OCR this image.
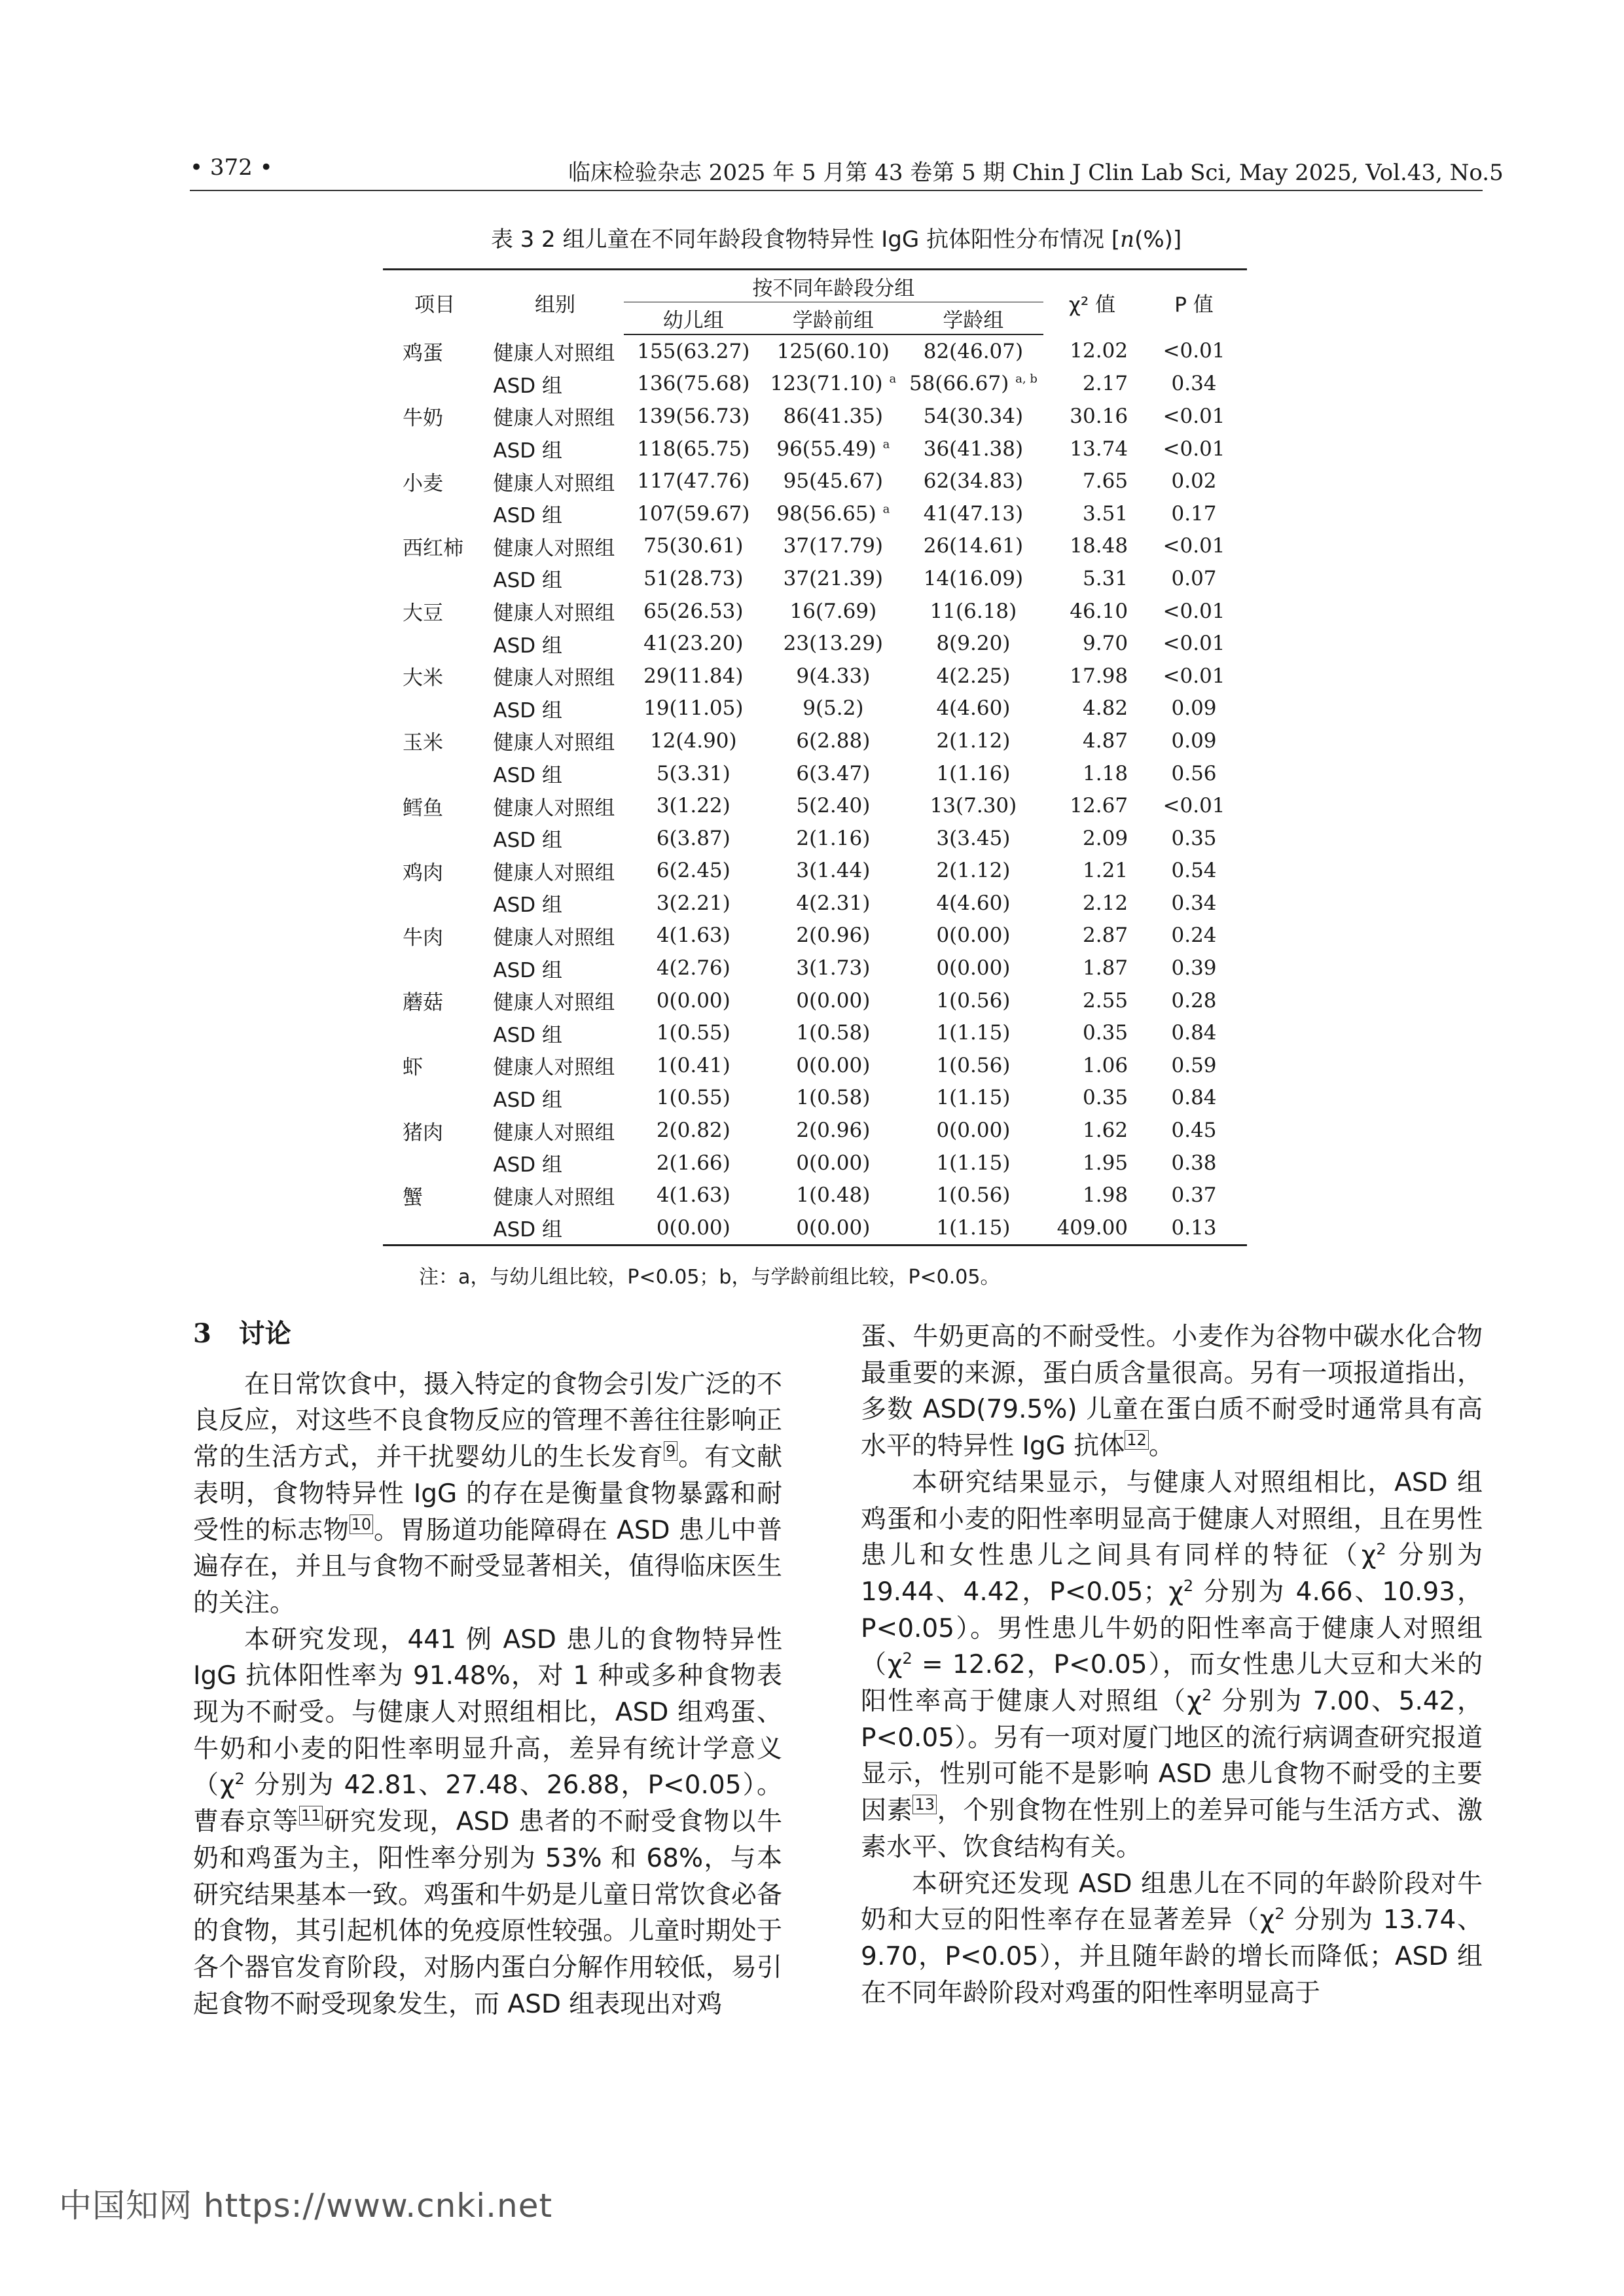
• 372 •	临床检验杂志 2025 年 5 月第 43 卷第 5 期 Chin J Clin Lab Sci, May 2025, Vol.43, No.5
表 3 2 组儿童在不同年龄段食物特异性 IgG 抗体阳性分布情况 [n(%)]
项目	组别	按不同年龄段分组			χ² 值	P 值
		幼儿组	学龄前组	学龄组		
鸡蛋	健康人对照组	155(63.27)	125(60.10)	82(46.07)	12.02	<0.01
	ASD 组	136(75.68)	123(71.10) $^a$	58(66.67) $^{a, b}$	2.17	0.34
牛奶	健康人对照组	139(56.73)	86(41.35)	54(30.34)	30.16	<0.01
	ASD 组	118(65.75)	96(55.49) $^a$	36(41.38)	13.74	<0.01
小麦	健康人对照组	117(47.76)	95(45.67)	62(34.83)	7.65	0.02
	ASD 组	107(59.67)	98(56.65) $^a$	41(47.13)	3.51	0.17
西红柿	健康人对照组	75(30.61)	37(17.79)	26(14.61)	18.48	<0.01
	ASD 组	51(28.73)	37(21.39)	14(16.09)	5.31	0.07
大豆	健康人对照组	65(26.53)	16(7.69)	11(6.18)	46.10	<0.01
	ASD 组	41(23.20)	23(13.29)	8(9.20)	9.70	<0.01
大米	健康人对照组	29(11.84)	9(4.33)	4(2.25)	17.98	<0.01
	ASD 组	19(11.05)	9(5.2)	4(4.60)	4.82	0.09
玉米	健康人对照组	12(4.90)	6(2.88)	2(1.12)	4.87	0.09
	ASD 组	5(3.31)	6(3.47)	1(1.16)	1.18	0.56
鳕鱼	健康人对照组	3(1.22)	5(2.40)	13(7.30)	12.67	<0.01
	ASD 组	6(3.87)	2(1.16)	3(3.45)	2.09	0.35
鸡肉	健康人对照组	6(2.45)	3(1.44)	2(1.12)	1.21	0.54
	ASD 组	3(2.21)	4(2.31)	4(4.60)	2.12	0.34
牛肉	健康人对照组	4(1.63)	2(0.96)	0(0.00)	2.87	0.24
	ASD 组	4(2.76)	3(1.73)	0(0.00)	1.87	0.39
蘑菇	健康人对照组	0(0.00)	0(0.00)	1(0.56)	2.55	0.28
	ASD 组	1(0.55)	1(0.58)	1(1.15)	0.35	0.84
虾	健康人对照组	1(0.41)	0(0.00)	1(0.56)	1.06	0.59
	ASD 组	1(0.55)	1(0.58)	1(1.15)	0.35	0.84
猪肉	健康人对照组	2(0.82)	2(0.96)	0(0.00)	1.62	0.45
	ASD 组	2(1.66)	0(0.00)	1(1.15)	1.95	0.38
蟹	健康人对照组	4(1.63)	1(0.48)	1(0.56)	1.98	0.37
	ASD 组	0(0.00)	0(0.00)	1(1.15)	409.00	0.13
注：a，与幼儿组比较，P<0.05；b，与学龄前组比较，P<0.05。
3 讨论

在日常饮食中，摄入特定的食物会引发广泛的不良反应，对这些不良食物反应的管理不善往往影响正常的生活方式，并干扰婴幼儿的生长发育 $^9$。有文献表明，食物特异性 IgG 的存在是衡量食物暴露和耐受性的标志物 $^{10}$。胃肠道功能障碍在 ASD 患儿中普遍存在，并且与食物不耐受显著相关，值得临床医生的关注。

本研究发现，441 例 ASD 患儿的食物特异性 IgG 抗体阳性率为 91.48%，对 1 种或多种食物表现为不耐受。与健康人对照组相比，ASD 组鸡蛋、牛奶和小麦的阳性率明显升高，差异有统计学意义（$\chi^2$ 分别为 42.81、27.48、26.88，P<0.05）。曹春京等 $^{11}$研究发现，ASD 患者的不耐受食物以牛奶和鸡蛋为主，阳性率分别为 53% 和 68%，与本研究结果基本一致。鸡蛋和牛奶是儿童日常饮食必备的食物，其引起机体的免疫原性较强。儿童时期处于各个器官发育阶段，对肠内蛋白分解作用较低，易引起食物不耐受现象发生，而 ASD 组表现出对鸡

蛋、牛奶更高的不耐受性。小麦作为谷物中碳水化合物最重要的来源，蛋白质含量很高。另有一项报道指出，多数 ASD(79.5%) 儿童在蛋白质不耐受时通常具有高水平的特异性 IgG 抗体 $^{12}$。

本研究结果显示，与健康人对照组相比，ASD 组鸡蛋和小麦的阳性率明显高于健康人对照组，且在男性患儿和女性患儿之间具有同样的特征（$\chi^2$ 分别为 19.44、4.42，P<0.05；$\chi^2$ 分别为 4.66、10.93，P<0.05）。男性患儿牛奶的阳性率高于健康人对照组（$\chi^2 = 12.62$，P<0.05），而女性患儿大豆和大米的阳性率高于健康人对照组（$\chi^2$ 分别为 7.00、5.42，P<0.05）。另有一项对厦门地区的流行病调查研究报道显示，性别可能不是影响 ASD 患儿食物不耐受的主要因素 $^{13}$，个别食物在性别上的差异可能与生活方式、激素水平、饮食结构有关。

本研究还发现 ASD 组患儿在不同的年龄阶段对牛奶和大豆的阳性率存在显著差异（$\chi^2$ 分别为 13.74、9.70，P<0.05），并且随年龄的增长而降低；ASD 组在不同年龄阶段对鸡蛋的阳性率明显高于

中国知网 https://www.cnki.net
